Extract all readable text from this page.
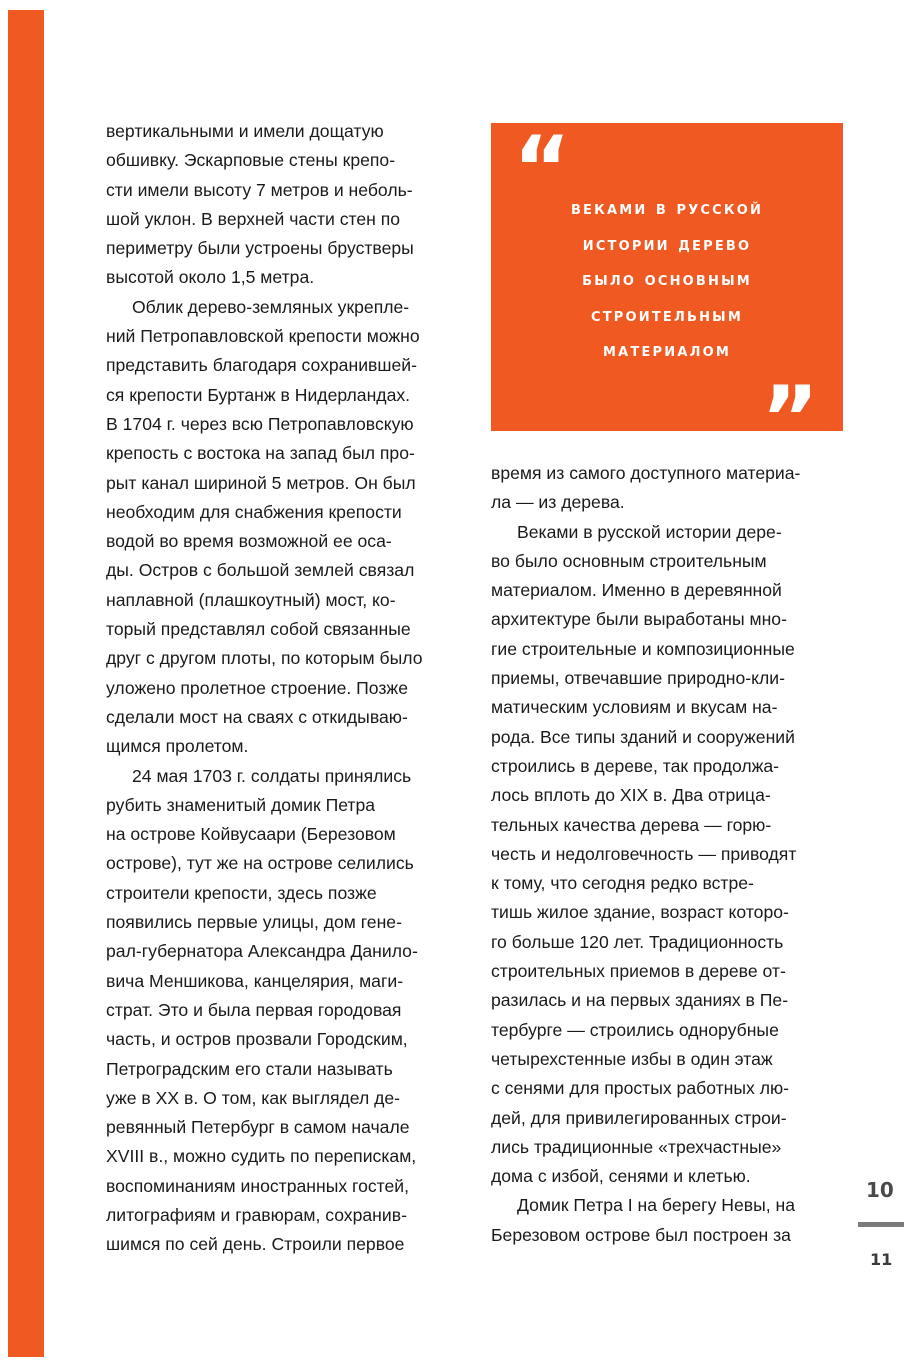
вертикальными и имели дощатую
обшивку. Эскарповые стены крепо-
сти имели высоту 7 метров и неболь-
шой уклон. В верхней части стен по
периметру были устроены брустверы
высотой около 1,5 метра.

Облик дерево-земляных укреплe-
ний Петропавловской крепости можно
представить благодаря сохранившей-
ся крепости Буртанж в Нидерландах.
В 1704 г. через всю Петропавловскую
крепость с востока на запад был про-
рыт канал шириной 5 метров. Он был
необходим для снабжения крепости
водой во время возможной ее оса-
ды. Остров с большой землей связал
наплавной (плашкоутный) мост, ко-
торый представлял собой связанные
друг с другом плоты, по которым было
уложено пролетное строение. Позже
сделали мост на сваях с откидываю-
щимся пролетом.

24 мая 1703 г. солдаты принялись
рубить знаменитый домик Петра
на острове Койвусаари (Березовом
острове), тут же на острове селились
строители крепости, здесь позже
появились первые улицы, дом гене-
рал-губернатора Александра Данило-
вича Меншикова, канцелярия, маги-
страт. Это и была первая городовая
часть, и остров прозвали Городским,
Петроградским его стали называть
уже в XX в. О том, как выглядел де-
ревянный Петербург в самом начале
XVIII в., можно судить по перепискам,
воспоминаниям иностранных гостей,
литографиям и гравюрам, сохранив-
шимся по сей день. Строили первое

“ веками в русской
истории дерево
было основным
строительным
материалом
”

время из самого доступного материа-
ла — из дерева.

Веками в русской истории дере-
во было основным строительным
материалом. Именно в деревянной
архитектуре были выработаны мно-
гие строительные и композиционные
приемы, отвечавшие природно-кли-
матическим условиям и вкусам на-
рода. Все типы зданий и сооружений
строились в дереве, так продолжа-
лось вплоть до XIX в. Два отрица-
тельных качества дерева — горю-
честь и недолговечность — приводят
к тому, что сегодня редко встре-
тишь жилое здание, возраст которо-
го больше 120 лет. Традиционность
строительных приемов в дереве от-
разилась и на первых зданиях в Пе-
тербурге — строились однорубные
четырехстенные избы в один этаж
с сенями для простых работных лю-
дей, для привилегированных строи-
лись традиционные «трехчастные»
дома с избой, сенями и клетью.

Домик Петра I на берегу Невы, на
Березовом острове был построен за

10
11
